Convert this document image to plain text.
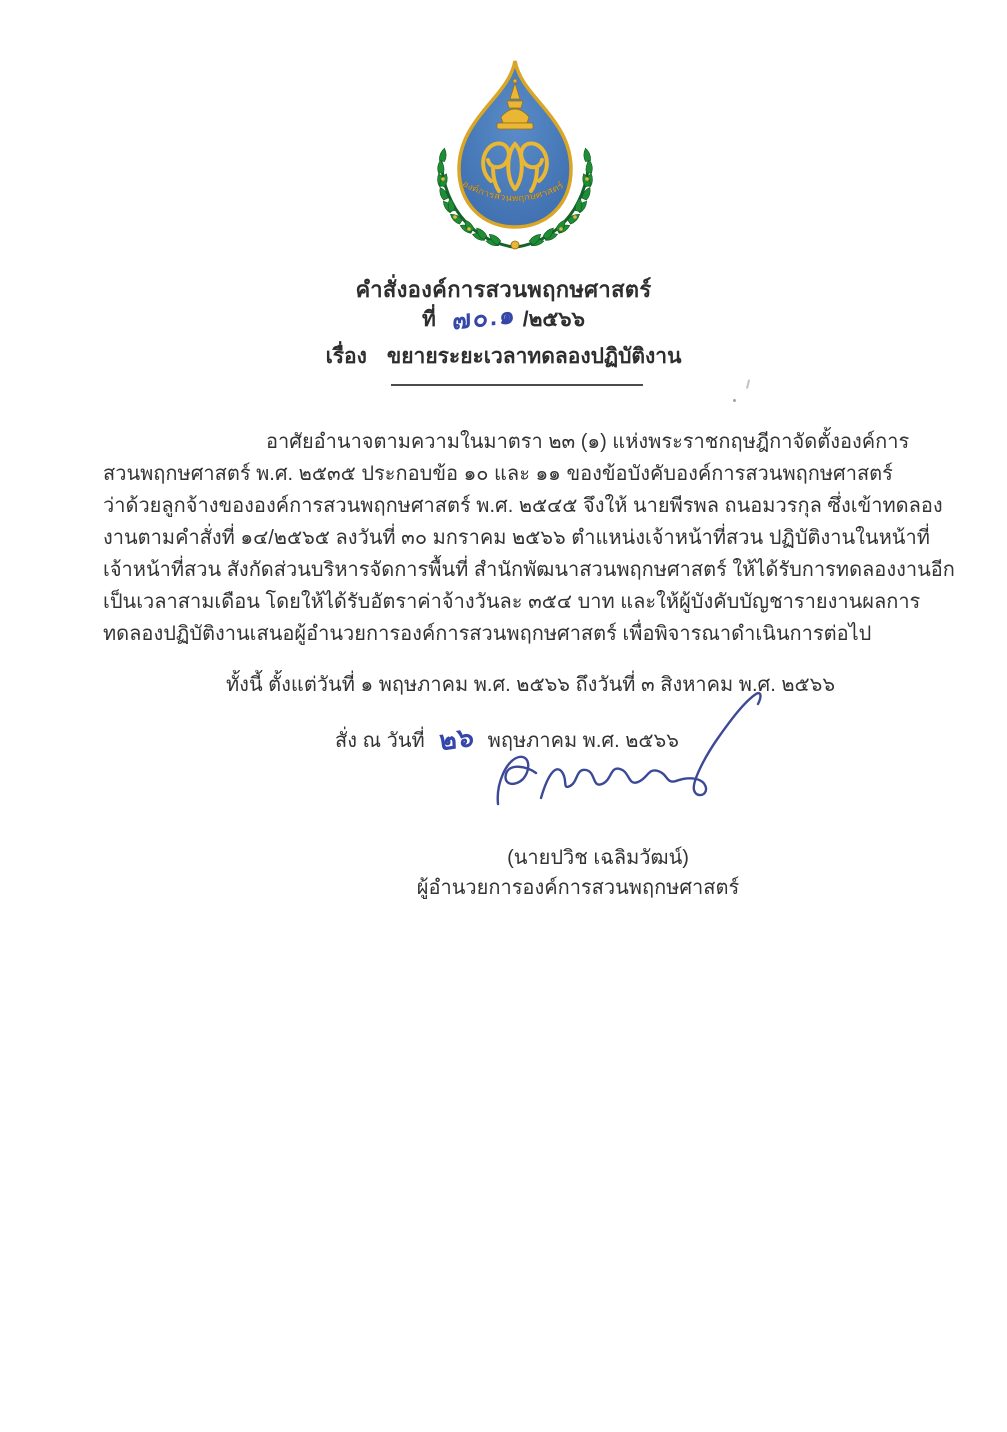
องค์การสวนพฤกษศาสตร์
คำสั่งองค์การสวนพฤกษศาสตร์
ที่ ๗๐.๑ /๒๕๖๖
เรื่อง ขยายระยะเวลาทดลองปฏิบัติงาน
อาศัยอำนาจตามความในมาตรา ๒๓ (๑) แห่งพระราชกฤษฎีกาจัดตั้งองค์การ
สวนพฤกษศาสตร์ พ.ศ. ๒๕๓๕ ประกอบข้อ ๑๐ และ ๑๑ ของข้อบังคับองค์การสวนพฤกษศาสตร์
ว่าด้วยลูกจ้างขององค์การสวนพฤกษศาสตร์ พ.ศ. ๒๕๔๕ จึงให้ นายพีรพล ถนอมวรกุล ซึ่งเข้าทดลอง
งานตามคำสั่งที่ ๑๔/๒๕๖๕ ลงวันที่ ๓๐ มกราคม ๒๕๖๖ ตำแหน่งเจ้าหน้าที่สวน ปฏิบัติงานในหน้าที่
เจ้าหน้าที่สวน สังกัดส่วนบริหารจัดการพื้นที่ สำนักพัฒนาสวนพฤกษศาสตร์ ให้ได้รับการทดลองงานอีก
เป็นเวลาสามเดือน โดยให้ได้รับอัตราค่าจ้างวันละ ๓๕๔ บาท และให้ผู้บังคับบัญชารายงานผลการ
ทดลองปฏิบัติงานเสนอผู้อำนวยการองค์การสวนพฤกษศาสตร์ เพื่อพิจารณาดำเนินการต่อไป
ทั้งนี้ ตั้งแต่วันที่ ๑ พฤษภาคม พ.ศ. ๒๕๖๖ ถึงวันที่ ๓ สิงหาคม พ.ศ. ๒๕๖๖
สั่ง ณ วันที่ ๒๖ พฤษภาคม พ.ศ. ๒๕๖๖
(นายปวิช เฉลิมวัฒน์)
ผู้อำนวยการองค์การสวนพฤกษศาสตร์
